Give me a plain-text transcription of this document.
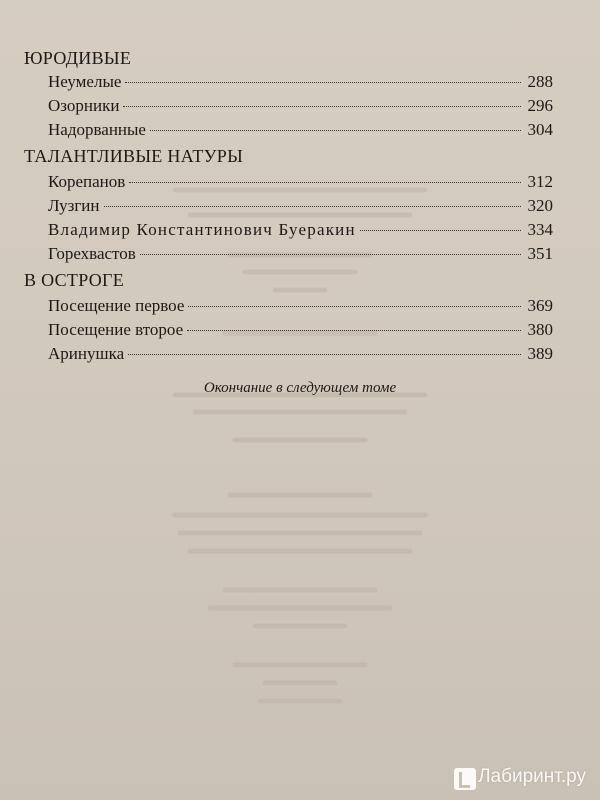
ЮРОДИВЫЕ
Неумелые	288
Озорники	296
Надорванные	304
ТАЛАНТЛИВЫЕ НАТУРЫ
Корепанов	312
Лузгин	320
Владимир Константинович Буеракин	334
Горехвастов	351
В ОСТРОГЕ
Посещение первое	369
Посещение второе	380
Аринушка	389
Окончание в следующем томе
Лабиринт.ру
